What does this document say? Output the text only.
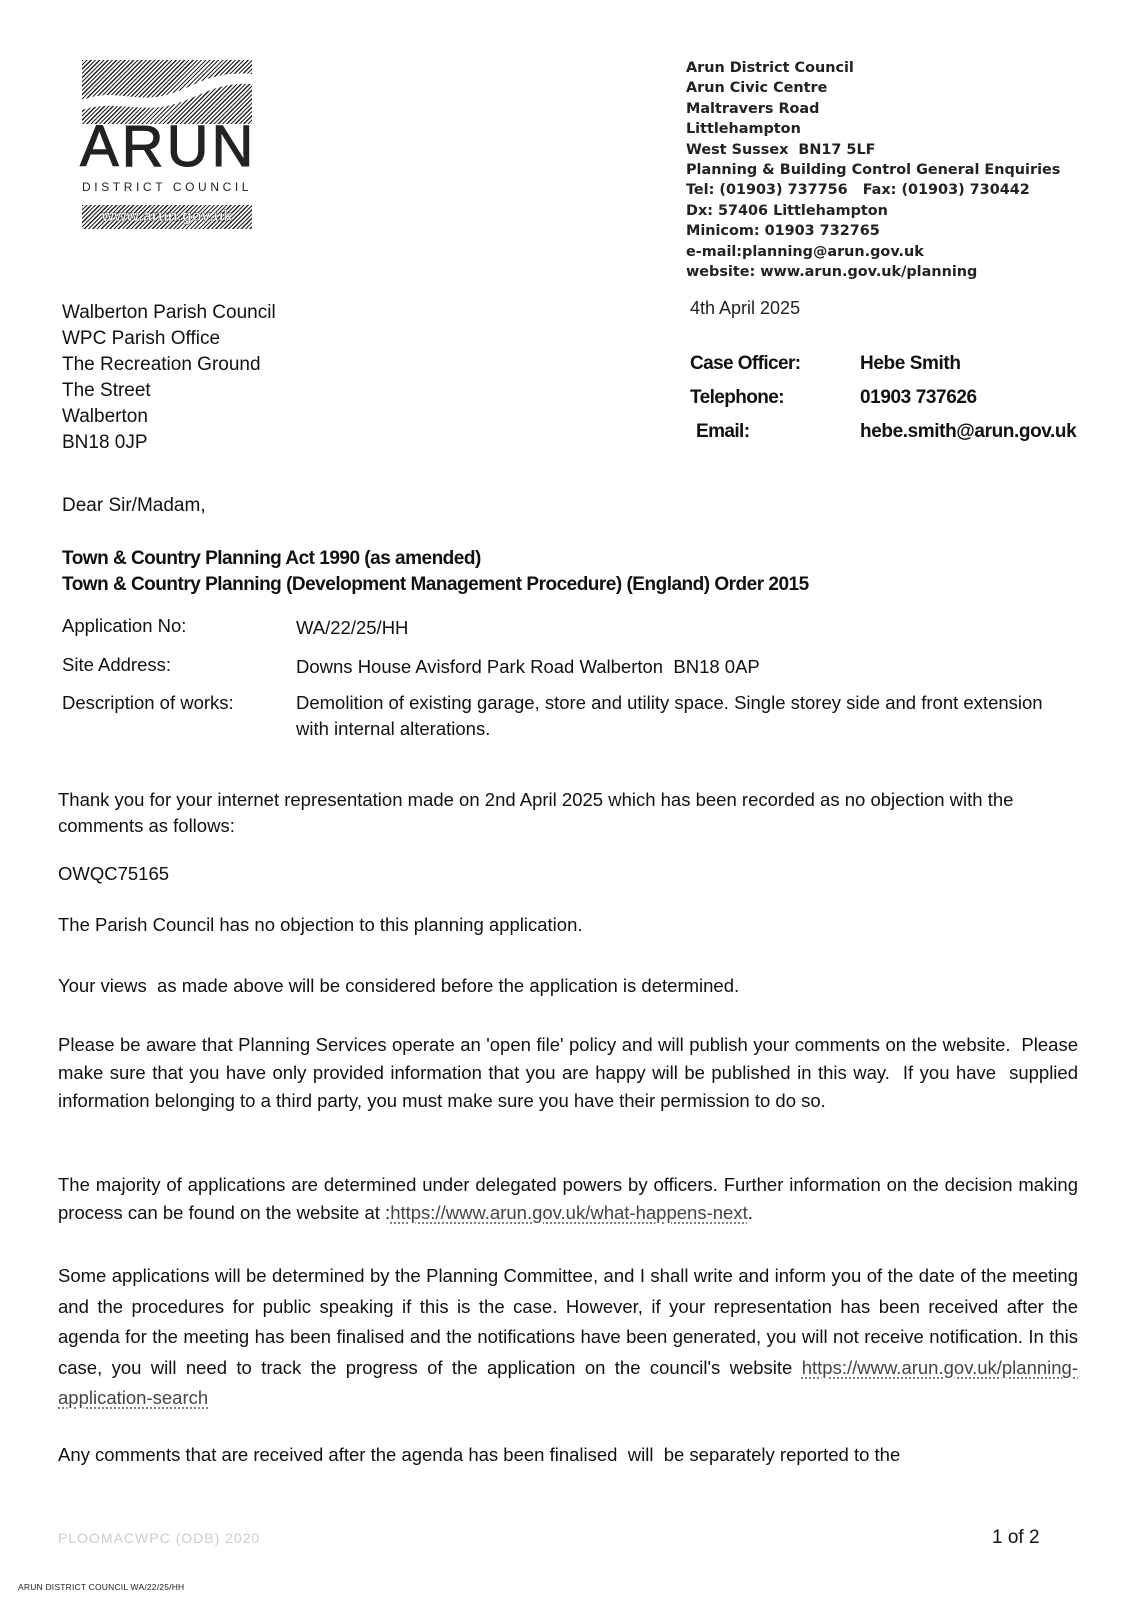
ARUN
DISTRICT COUNCIL
www.arun.gov.uk
Arun District Council
Arun Civic Centre
Maltravers Road
Littlehampton
West Sussex  BN17 5LF
Planning & Building Control General Enquiries
Tel: (01903) 737756   Fax: (01903) 730442
Dx: 57406 Littlehampton
Minicom: 01903 732765
e-mail:planning@arun.gov.uk
website: www.arun.gov.uk/planning
4th April 2025
Case Officer:	Hebe Smith
Telephone:	01903 737626
Email:	hebe.smith@arun.gov.uk
Walberton Parish Council
WPC Parish Office
The Recreation Ground
The Street
Walberton
BN18 0JP
Dear Sir/Madam,
Town & Country Planning Act 1990 (as amended)
Town & Country Planning (Development Management Procedure) (England) Order 2015
Application No:	WA/22/25/HH
Site Address:	Downs House Avisford Park Road Walberton  BN18 0AP
Description of works:	Demolition of existing garage, store and utility space. Single storey side and front extension with internal alterations.
Thank you for your internet representation made on 2nd April 2025 which has been recorded as no objection with the comments as follows:
OWQC75165
The Parish Council has no objection to this planning application.
Your views  as made above will be considered before the application is determined.
Please be aware that Planning Services operate an 'open file' policy and will publish your comments on the website.  Please make sure that you have only provided information that you are happy will be published in this way.  If you have  supplied information belonging to a third party, you must make sure you have their permission to do so.
The majority of applications are determined under delegated powers by officers. Further information on the decision making process can be found on the website at :https://www.arun.gov.uk/what-happens-next.
Some applications will be determined by the Planning Committee, and I shall write and inform you of the date of the meeting and the procedures for public speaking if this is the case. However, if your representation has been received after the agenda for the meeting has been finalised and the notifications have been generated, you will not receive notification. In this case, you will need to track the progress of the application on the council's website https://www.arun.gov.uk/planning-application-search
Any comments that are received after the agenda has been finalised  will  be separately reported to the
PLOOMACWPC (ODB) 2020	1 of 2
ARUN DISTRICT COUNCIL WA/22/25/HH
